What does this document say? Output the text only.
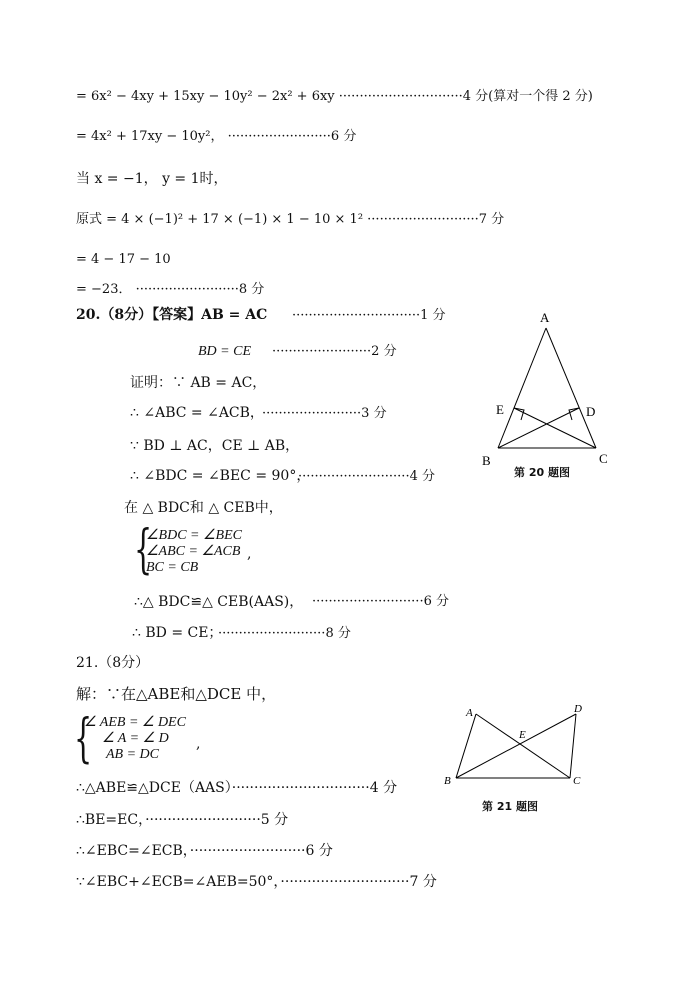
= 6x² − 4xy + 15xy − 10y² − 2x² + 6xy ······························4 分(算对一个得 2 分)
= 4x² + 17xy − 10y²， ·························6 分
当 x = −1， y = 1时，
原式 = 4 × (−1)² + 17 × (−1) × 1 − 10 × 1² ···························7 分
= 4 − 17 − 10
= −23． ·························8 分
20.（8分）【答案】AB = AC ·······························1 分
BD = CE ························2 分
证明：∵ AB = AC，
∴ ∠ABC = ∠ACB，
························3 分
∵ BD ⊥ AC，CE ⊥ AB，
∴ ∠BDC = ∠BEC = 90°，
···························4 分
在 △ BDC和 △ CEB中，
{
∠BDC = ∠BEC
∠ABC = ∠ACB ,
BC = CB
∴△ BDC≌△ CEB(AAS)， ···························6 分
∴ BD = CE；
··························8 分
A
B	C
D
E
第 20 题图
21.（8分）
解：∵在△ABE和△DCE 中，
{
∠ AEB = ∠ DEC
∠ A = ∠ D ,
AB = DC
∴△ABE≌△DCE（AAS）·······························4 分
∴BE=EC，··························5 分
∴∠EBC=∠ECB，··························6 分
∵∠EBC+∠ECB=∠AEB=50°，·····························7 分
A	D
E
B	C
第 21 题图
